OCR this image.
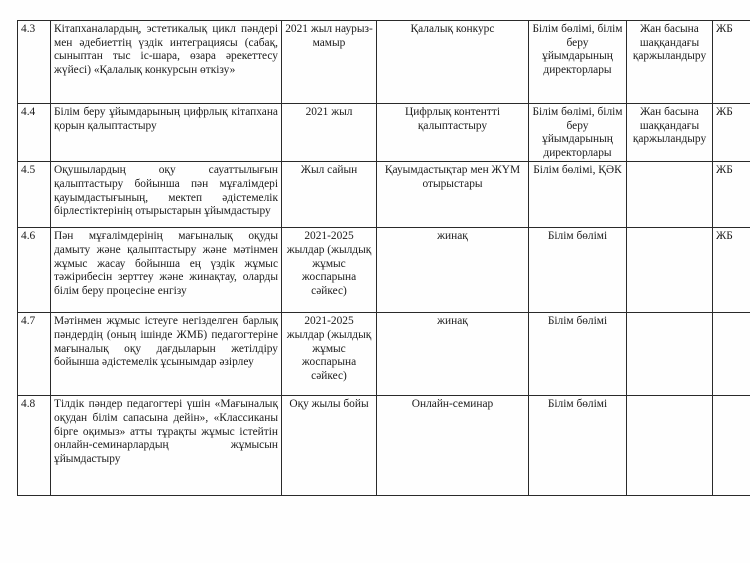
4.3	Кітапханалардың, эстетикалық цикл пәндері мен әдебиеттің үздік интеграциясы (сабақ, сыныптан тыс іс-шара, өзара әрекеттесу жүйесі) «Қалалық конкурсын өткізу»	2021 жыл наурыз-мамыр	Қалалық конкурс	Білім бөлімі, білім беру ұйымдарының директорлары	Жан басына шаққандағы қаржыландыру	ЖБ
4.4	Білім беру ұйымдарының цифрлық кітапхана қорын қалыптастыру	2021 жыл	Цифрлық контентті қалыптастыру	Білім бөлімі, білім беру ұйымдарының директорлары	Жан басына шаққандағы қаржыландыру	ЖБ
4.5	Оқушылардың оқу сауаттылығын қалыптастыру бойынша пән мұғалімдері қауымдастығының, мектеп әдістемелік бірлестіктерінің отырыстарын ұйымдастыру	Жыл сайын	Қауымдастықтар мен ЖҮМ отырыстары	Білім бөлімі, ҚӘК		ЖБ
4.6	Пән мұғалімдерінің мағыналық оқуды дамыту және қалыптастыру және мәтінмен жұмыс жасау бойынша ең үздік жұмыс тәжірибесін зерттеу және жинақтау, оларды білім беру процесіне енгізу	2021-2025 жылдар (жылдық жұмыс жоспарына сәйкес)	жинақ	Білім бөлімі		ЖБ
4.7	Мәтінмен жұмыс істеуге негізделген барлық пәндердің (оның ішінде ЖМБ) педагогтеріне мағыналық оқу дағдыларын жетілдіру бойынша әдістемелік ұсынымдар әзірлеу	2021-2025 жылдар (жылдық жұмыс жоспарына сәйкес)	жинақ	Білім бөлімі		
4.8	Тілдік пәндер педагогтері үшін «Мағыналық оқудан білім сапасына дейін», «Классиканы бірге оқимыз» атты тұрақты жұмыс істейтін онлайн-семинарлардың жұмысын ұйымдастыру	Оқу жылы бойы	Онлайн-семинар	Білім бөлімі		
